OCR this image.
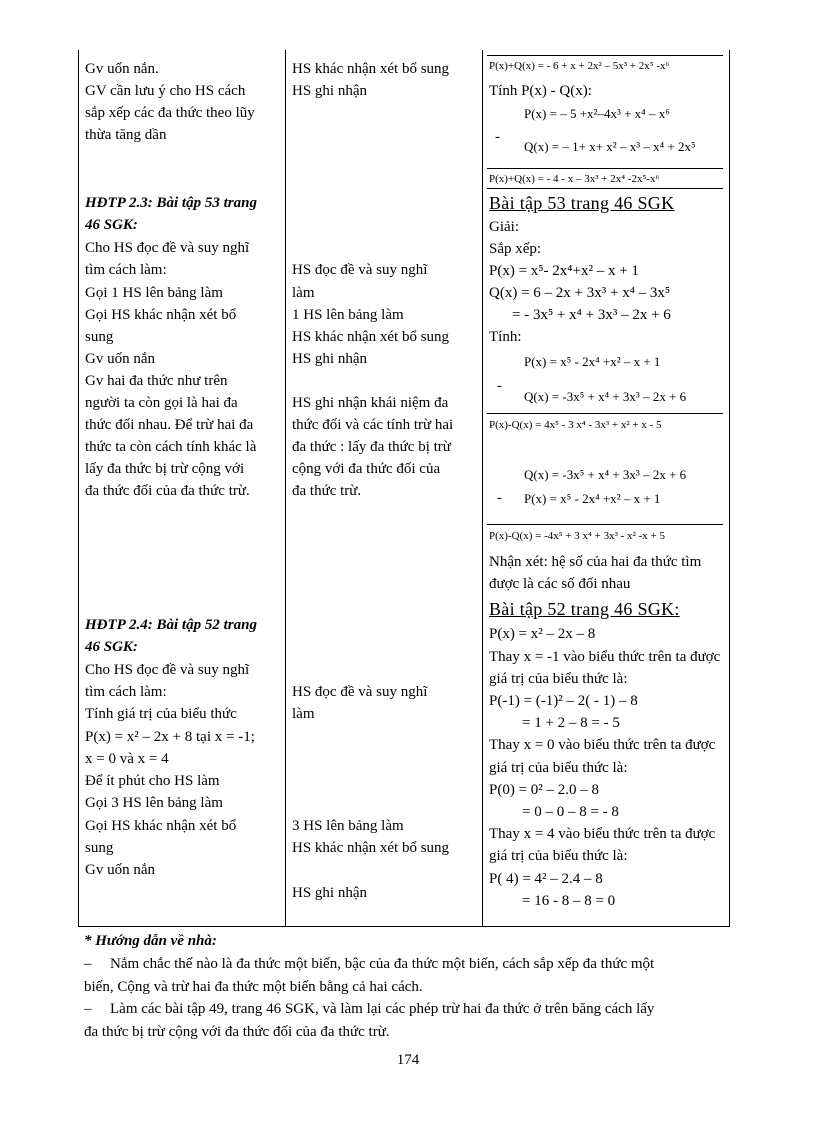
Gv uốn nắn.
GV cần lưu ý cho HS cách
sắp xếp các đa thức theo lũy
thừa tăng dần
HĐTP 2.3: Bài tập 53 trang
46 SGK:
Cho HS đọc đề và suy nghĩ
tìm cách làm:
Gọi 1 HS lên bảng làm
Gọi HS khác nhận xét bổ
sung
Gv uốn nắn
Gv hai đa thức như trên
người ta còn gọi là hai đa
thức đối nhau. Để trừ hai đa
thức ta còn cách tính khác là
lấy đa thức bị trừ cộng với
đa thức đối của đa thức trừ.
HĐTP 2.4: Bài tập 52 trang
46 SGK:
Cho HS đọc đề và suy nghĩ
tìm cách làm:
Tính giá trị của biểu thức
P(x) = x² – 2x + 8 tại x = -1;
x = 0 và x = 4
Để ít phút cho HS làm
Gọi 3 HS lên bảng làm
Gọi HS khác nhận xét bổ
sung
Gv uốn nắn
HS khác nhận xét bổ sung
HS ghi nhận
HS đọc đề và suy nghĩ
làm
1 HS lên bảng làm
HS khác nhận xét bổ sung
HS ghi nhận
HS ghi nhận khái niệm đa
thức đối và các tính trừ hai
đa thức : lấy đa thức bị trừ
cộng với đa thức đối của
đa thức trừ.
HS đọc đề và suy nghĩ
làm
3 HS lên bảng làm
HS khác nhận xét bổ sung
HS ghi nhận
P(x)+Q(x) = - 6 + x + 2x² – 5x³ + 2x⁵ -x⁶
Tính P(x) - Q(x):
P(x) = – 5 +x²–4x³ + x⁴ – x⁶
-
Q(x) = – 1+ x+ x² – x³ – x⁴ + 2x⁵
P(x)+Q(x) = - 4 - x – 3x³ + 2x⁴ -2x⁵-x⁶
Bài tập 53 trang 46 SGK
Giải:
Sắp xếp:
P(x) = x⁵- 2x⁴+x² – x + 1
Q(x) = 6 – 2x + 3x³ + x⁴ – 3x⁵
= - 3x⁵ + x⁴ + 3x³ – 2x + 6
Tính:
P(x) = x⁵ - 2x⁴ +x² – x + 1
-
Q(x) = -3x⁵ + x⁴ + 3x³ – 2x + 6
P(x)-Q(x) = 4x⁵ - 3 x⁴ - 3x³ + x² + x - 5
Q(x) = -3x⁵ + x⁴ + 3x³ – 2x + 6
- P(x) = x⁵ - 2x⁴ +x² – x + 1
P(x)-Q(x) = -4x⁵ + 3 x⁴ + 3x³ - x² -x + 5
Nhận xét: hệ số của hai đa thức tìm
được là các số đối nhau
Bài tập 52 trang 46 SGK:
P(x) = x² – 2x – 8
Thay x = -1 vào biểu thức trên ta được
giá trị của biểu thức là:
P(-1) = (-1)² – 2( - 1) – 8
= 1 + 2 – 8 = - 5
Thay x = 0 vào biểu thức trên ta được
giá trị của biểu thức là:
P(0) = 0² – 2.0 – 8
= 0 – 0 – 8 = - 8
Thay x = 4 vào biểu thức trên ta được
giá trị của biểu thức là:
P( 4) = 4² – 2.4 – 8
= 16 - 8 – 8 = 0
* Hướng dẫn về nhà:
– Nắm chắc thế nào là đa thức một biến, bậc của đa thức một biến, cách sắp xếp đa thức một
biến, Cộng và trừ hai đa thức một biến bằng cả hai cách.
– Làm các bài tập 49, trang 46 SGK, và làm lại các phép trừ hai đa thức ở trên băng cách lấy
đa thức bị trừ cộng với đa thức đối của đa thức trừ.
174
